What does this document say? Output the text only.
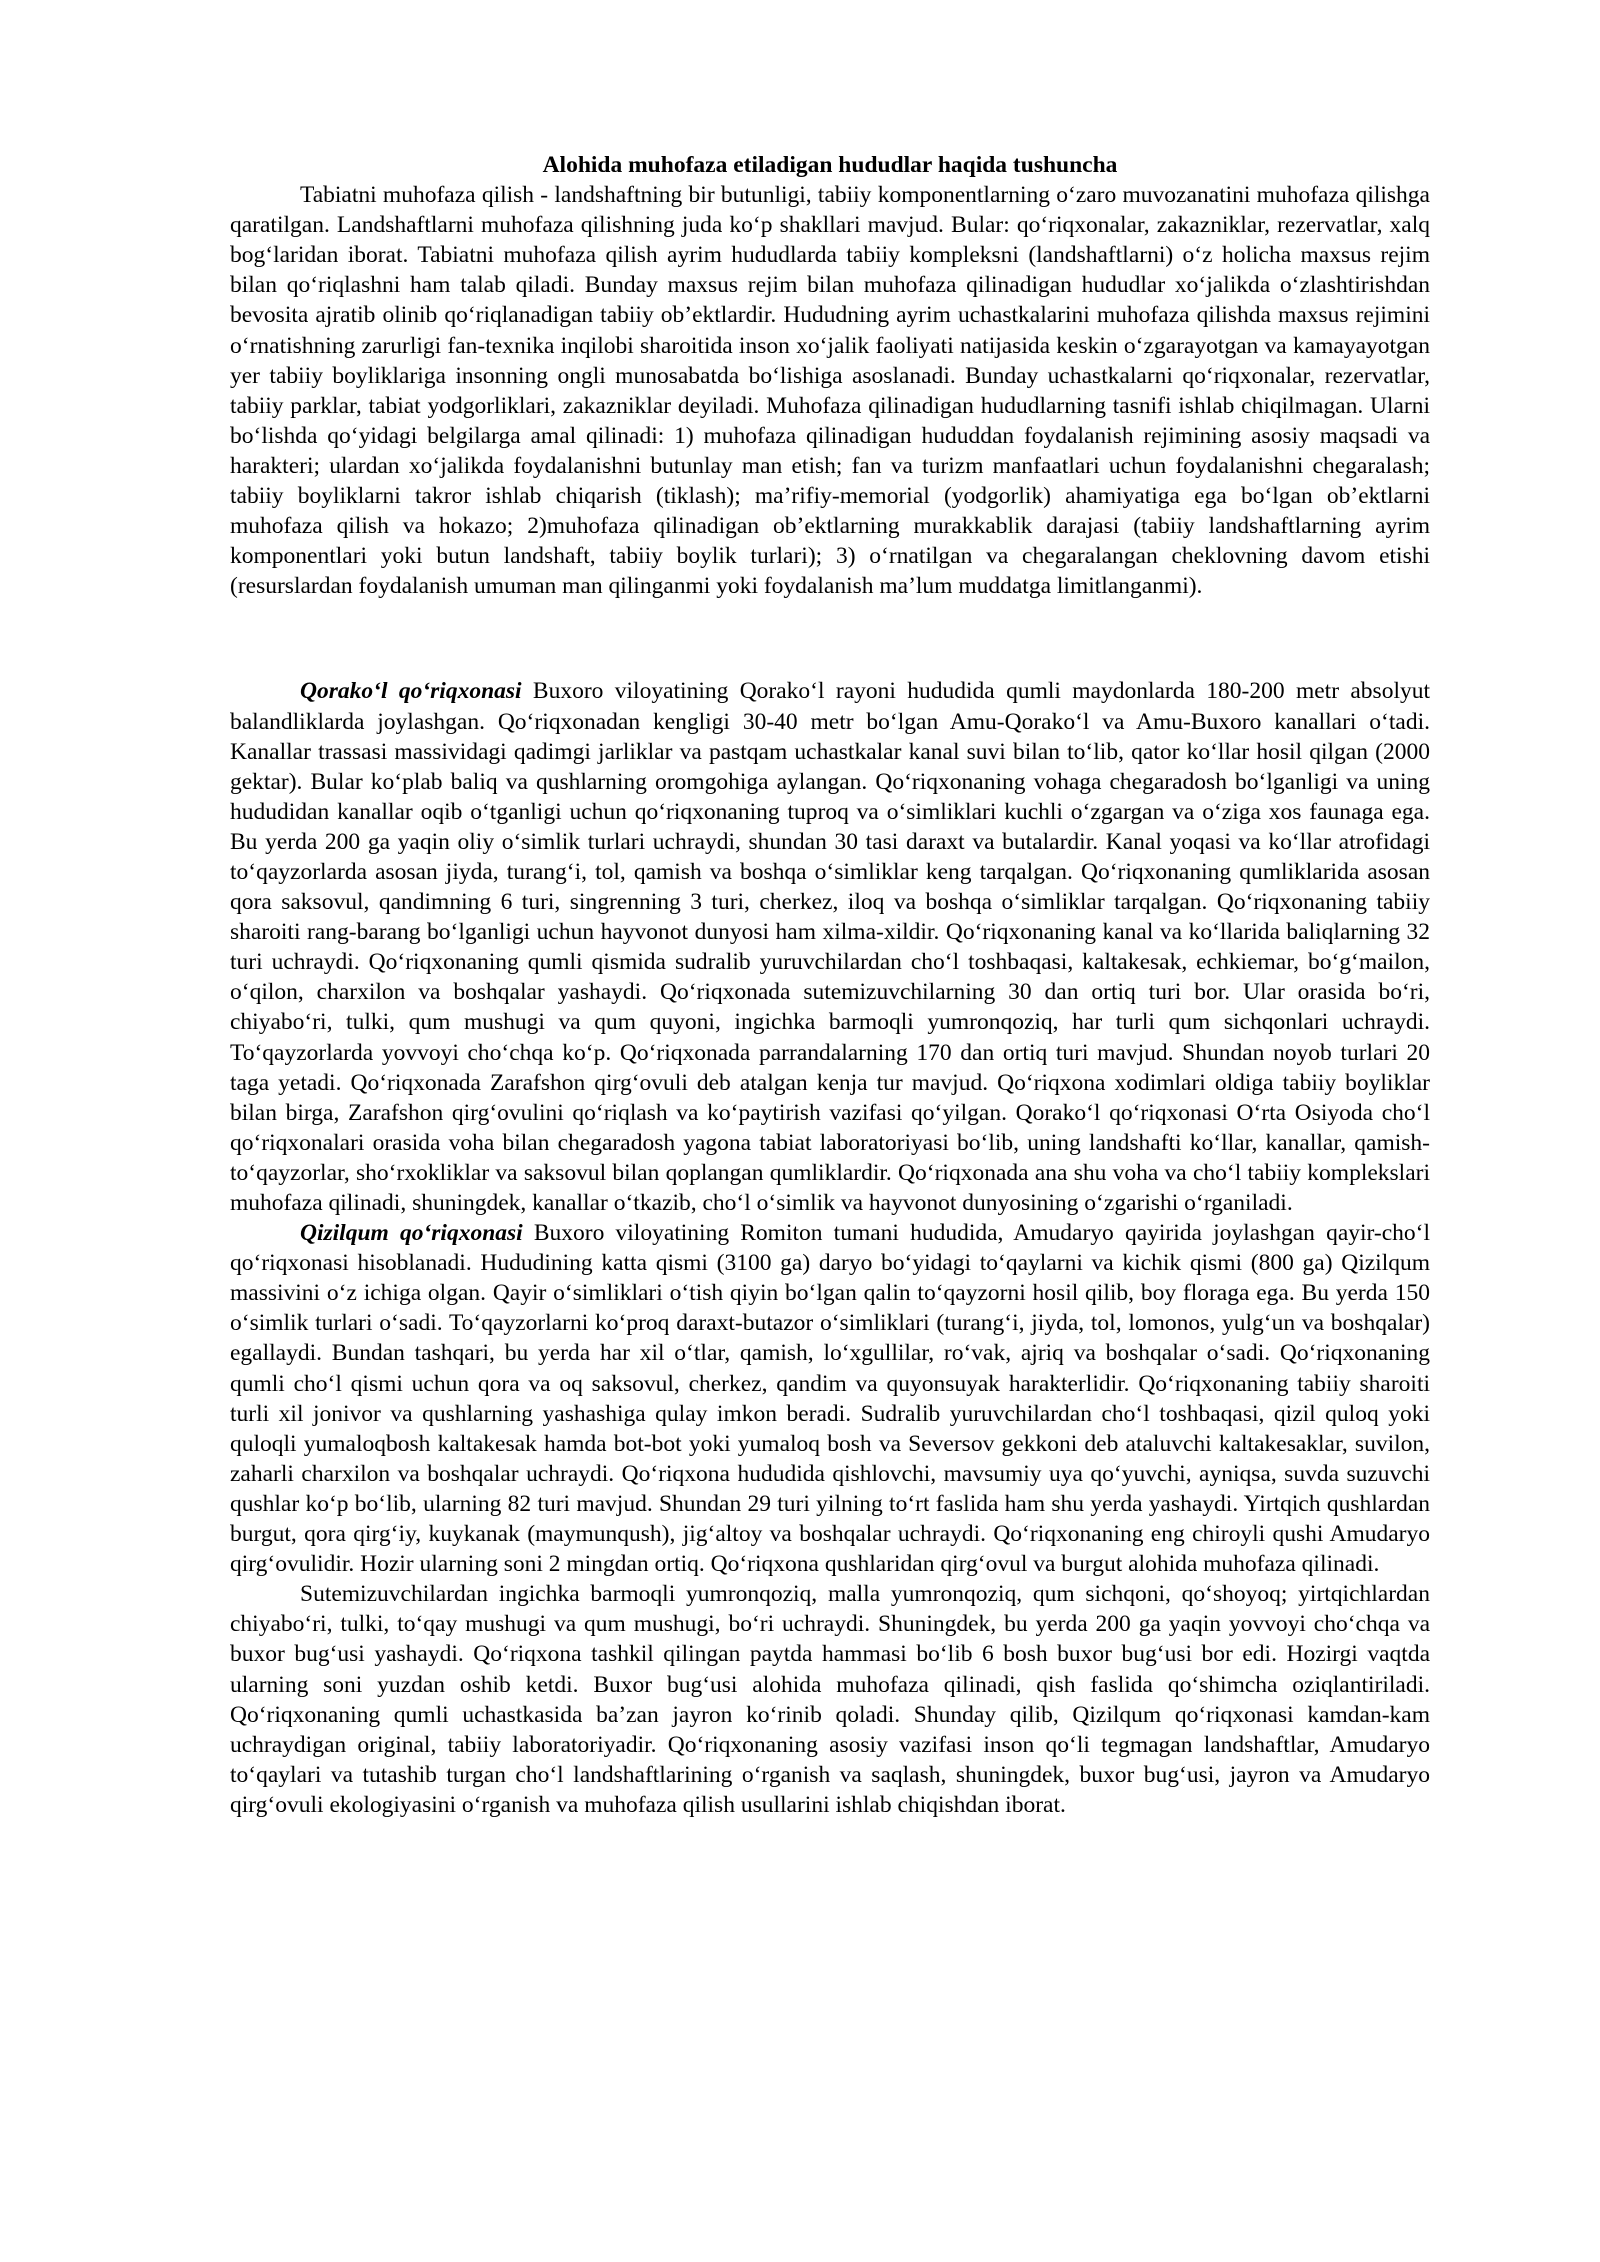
Alohida muhofaza etiladigan hududlar haqida tushuncha

Tabiatni muhofaza qilish - landshaftning bir butunligi, tabiiy komponentlarning o‘zaro muvozanatini muhofaza qilishga qaratilgan. Landshaftlarni muhofaza qilishning juda ko‘p shakllari mavjud. Bular: qo‘riqxonalar, zakazniklar, rezervatlar, xalq bog‘laridan iborat. Tabiatni muhofaza qilish ayrim hududlarda tabiiy kompleksni (landshaftlarni) o‘z holicha maxsus rejim bilan qo‘riqlashni ham talab qiladi. Bunday maxsus rejim bilan muhofaza qilinadigan hududlar xo‘jalikda o‘zlashtirishdan bevosita ajratib olinib qo‘riqlanadigan tabiiy ob’ektlardir. Hududning ayrim uchastkalarini muhofaza qilishda maxsus rejimini o‘rnatishning zarurligi fan-texnika inqilobi sharoitida inson xo‘jalik faoliyati natijasida keskin o‘zgarayotgan va kamayayotgan yer tabiiy boyliklariga insonning ongli munosabatda bo‘lishiga asoslanadi. Bunday uchastkalarni qo‘riqxonalar, rezervatlar, tabiiy parklar, tabiat yodgorliklari, zakazniklar deyiladi. Muhofaza qilinadigan hududlarning tasnifi ishlab chiqilmagan. Ularni bo‘lishda qo‘yidagi belgilarga amal qilinadi: 1) muhofaza qilinadigan hududdan foydalanish rejimining asosiy maqsadi va harakteri; ulardan xo‘jalikda foydalanishni butunlay man etish; fan va turizm manfaatlari uchun foydalanishni chegaralash; tabiiy boyliklarni takror ishlab chiqarish (tiklash); ma’rifiy-memorial (yodgorlik) ahamiyatiga ega bo‘lgan ob’ektlarni muhofaza qilish va hokazo; 2)muhofaza qilinadigan ob’ektlarning murakkablik darajasi (tabiiy landshaftlarning ayrim komponentlari yoki butun landshaft, tabiiy boylik turlari); 3) o‘rnatilgan va chegaralangan cheklovning davom etishi (resurslardan foydalanish umuman man qilinganmi yoki foydalanish ma’lum muddatga limitlanganmi).

Qorako‘l qo‘riqxonasi Buxoro viloyatining Qorako‘l rayoni hududida qumli maydonlarda 180-200 metr absolyut balandliklarda joylashgan. Qo‘riqxonadan kengligi 30-40 metr bo‘lgan Amu-Qorako‘l va Amu-Buxoro kanallari o‘tadi. Kanallar trassasi massividagi qadimgi jarliklar va pastqam uchastkalar kanal suvi bilan to‘lib, qator ko‘llar hosil qilgan (2000 gektar). Bular ko‘plab baliq va qushlarning oromgohiga aylangan. Qo‘riqxonaning vohaga chegaradosh bo‘lganligi va uning hududidan kanallar oqib o‘tganligi uchun qo‘riqxonaning tuproq va o‘simliklari kuchli o‘zgargan va o‘ziga xos faunaga ega. Bu yerda 200 ga yaqin oliy o‘simlik turlari uchraydi, shundan 30 tasi daraxt va butalardir. Kanal yoqasi va ko‘llar atrofidagi to‘qayzorlarda asosan jiyda, turang‘i, tol, qamish va boshqa o‘simliklar keng tarqalgan. Qo‘riqxonaning qumliklarida asosan qora saksovul, qandimning 6 turi, singrenning 3 turi, cherkez, iloq va boshqa o‘simliklar tarqalgan. Qo‘riqxonaning tabiiy sharoiti rang-barang bo‘lganligi uchun hayvonot dunyosi ham xilma-xildir. Qo‘riqxonaning kanal va ko‘llarida baliqlarning 32 turi uchraydi. Qo‘riqxonaning qumli qismida sudralib yuruvchilardan cho‘l toshbaqasi, kaltakesak, echkiemar, bo‘g‘mailon, o‘qilon, charxilon va boshqalar yashaydi. Qo‘riqxonada sutemizuvchilarning 30 dan ortiq turi bor. Ular orasida bo‘ri, chiyabo‘ri, tulki, qum mushugi va qum quyoni, ingichka barmoqli yumronqoziq, har turli qum sichqonlari uchraydi. To‘qayzorlarda yovvoyi cho‘chqa ko‘p. Qo‘riqxonada parrandalarning 170 dan ortiq turi mavjud. Shundan noyob turlari 20 taga yetadi. Qo‘riqxonada Zarafshon qirg‘ovuli deb atalgan kenja tur mavjud. Qo‘riqxona xodimlari oldiga tabiiy boyliklar bilan birga, Zarafshon qirg‘ovulini qo‘riqlash va ko‘paytirish vazifasi qo‘yilgan. Qorako‘l qo‘riqxonasi O‘rta Osiyoda cho‘l qo‘riqxonalari orasida voha bilan chegaradosh yagona tabiat laboratoriyasi bo‘lib, uning landshafti ko‘llar, kanallar, qamish-to‘qayzorlar, sho‘rxokliklar va saksovul bilan qoplangan qumliklardir. Qo‘riqxonada ana shu voha va cho‘l tabiiy komplekslari muhofaza qilinadi, shuningdek, kanallar o‘tkazib, cho‘l o‘simlik va hayvonot dunyosining o‘zgarishi o‘rganiladi.

Qizilqum qo‘riqxonasi Buxoro viloyatining Romiton tumani hududida, Amudaryo qayirida joylashgan qayir-cho‘l qo‘riqxonasi hisoblanadi. Hududining katta qismi (3100 ga) daryo bo‘yidagi to‘qaylarni va kichik qismi (800 ga) Qizilqum massivini o‘z ichiga olgan. Qayir o‘simliklari o‘tish qiyin bo‘lgan qalin to‘qayzorni hosil qilib, boy floraga ega. Bu yerda 150 o‘simlik turlari o‘sadi. To‘qayzorlarni ko‘proq daraxt-butazor o‘simliklari (turang‘i, jiyda, tol, lomonos, yulg‘un va boshqalar) egallaydi. Bundan tashqari, bu yerda har xil o‘tlar, qamish, lo‘xgullilar, ro‘vak, ajriq va boshqalar o‘sadi. Qo‘riqxonaning qumli cho‘l qismi uchun qora va oq saksovul, cherkez, qandim va quyonsuyak harakterlidir. Qo‘riqxonaning tabiiy sharoiti turli xil jonivor va qushlarning yashashiga qulay imkon beradi. Sudralib yuruvchilardan cho‘l toshbaqasi, qizil quloq yoki quloqli yumaloqbosh kaltakesak hamda bot-bot yoki yumaloq bosh va Seversov gekkoni deb ataluvchi kaltakesaklar, suvilon, zaharli charxilon va boshqalar uchraydi. Qo‘riqxona hududida qishlovchi, mavsumiy uya qo‘yuvchi, ayniqsa, suvda suzuvchi qushlar ko‘p bo‘lib, ularning 82 turi mavjud. Shundan 29 turi yilning to‘rt faslida ham shu yerda yashaydi. Yirtqich qushlardan burgut, qora qirg‘iy, kuykanak (maymunqush), jig‘altoy va boshqalar uchraydi. Qo‘riqxonaning eng chiroyli qushi Amudaryo qirg‘ovulidir. Hozir ularning soni 2 mingdan ortiq. Qo‘riqxona qushlaridan qirg‘ovul va burgut alohida muhofaza qilinadi.

Sutemizuvchilardan ingichka barmoqli yumronqoziq, malla yumronqoziq, qum sichqoni, qo‘shoyoq; yirtqichlardan chiyabo‘ri, tulki, to‘qay mushugi va qum mushugi, bo‘ri uchraydi. Shuningdek, bu yerda 200 ga yaqin yovvoyi cho‘chqa va buxor bug‘usi yashaydi. Qo‘riqxona tashkil qilingan paytda hammasi bo‘lib 6 bosh buxor bug‘usi bor edi. Hozirgi vaqtda ularning soni yuzdan oshib ketdi. Buxor bug‘usi alohida muhofaza qilinadi, qish faslida qo‘shimcha oziqlantiriladi. Qo‘riqxonaning qumli uchastkasida ba’zan jayron ko‘rinib qoladi. Shunday qilib, Qizilqum qo‘riqxonasi kamdan-kam uchraydigan original, tabiiy laboratoriyadir. Qo‘riqxonaning asosiy vazifasi inson qo‘li tegmagan landshaftlar, Amudaryo to‘qaylari va tutashib turgan cho‘l landshaftlarining o‘rganish va saqlash, shuningdek, buxor bug‘usi, jayron va Amudaryo qirg‘ovuli ekologiyasini o‘rganish va muhofaza qilish usullarini ishlab chiqishdan iborat.
